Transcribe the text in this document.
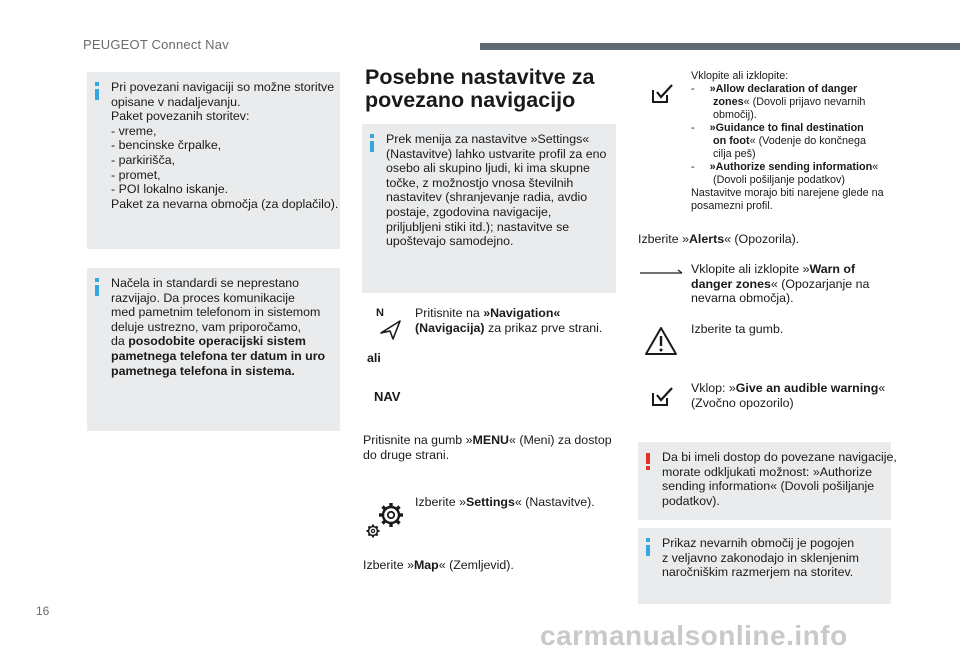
PEUGEOT Connect Nav
Pri povezani navigaciji so možne storitve
opisane v nadaljevanju.
Paket povezanih storitev:
- vreme,
- bencinske črpalke,
- parkirišča,
- promet,
- POI lokalno iskanje.
Paket za nevarna območja (za doplačilo).
Načela in standardi se neprestano
razvijajo. Da proces komunikacije
med pametnim telefonom in sistemom
deluje ustrezno, vam priporočamo,
da posodobite operacijski sistem
pametnega telefona ter datum in uro
pametnega telefona in sistema.
Posebne nastavitve za
povezano navigacijo
Prek menija za nastavitve »Settings«
(Nastavitve) lahko ustvarite profil za eno
osebo ali skupino ljudi, ki ima skupne
točke, z možnostjo vnosa številnih
nastavitev (shranjevanje radia, avdio
postaje, zgodovina navigacije,
priljubljeni stiki itd.); nastavitve se
upoštevajo samodejno.
N	Pritisnite na »Navigation«
(Navigacija) za prikaz prve strani.
ali
NAV
Pritisnite na gumb »MENU« (Meni) za dostop
do druge strani.
Izberite »Settings« (Nastavitve).
Izberite »Map« (Zemljevid).
Vklopite ali izklopite:
-     »Allow declaration of danger
zones« (Dovoli prijavo nevarnih
območij).
-     »Guidance to final destination
on foot« (Vodenje do končnega
cilja peš)
-     »Authorize sending information«
(Dovoli pošiljanje podatkov)
Nastavitve morajo biti narejene glede na
posamezni profil.
Izberite »Alerts« (Opozorila).
Vklopite ali izklopite »Warn of
danger zones« (Opozarjanje na
nevarna območja).
Izberite ta gumb.
Vklop: »Give an audible warning«
(Zvočno opozorilo)
Da bi imeli dostop do povezane navigacije,
morate odkljukati možnost: »Authorize
sending information« (Dovoli pošiljanje
podatkov).
Prikaz nevarnih območij je pogojen
z veljavno zakonodajo in sklenjenim
naročniškim razmerjem na storitev.
16
carmanualsonline.info
